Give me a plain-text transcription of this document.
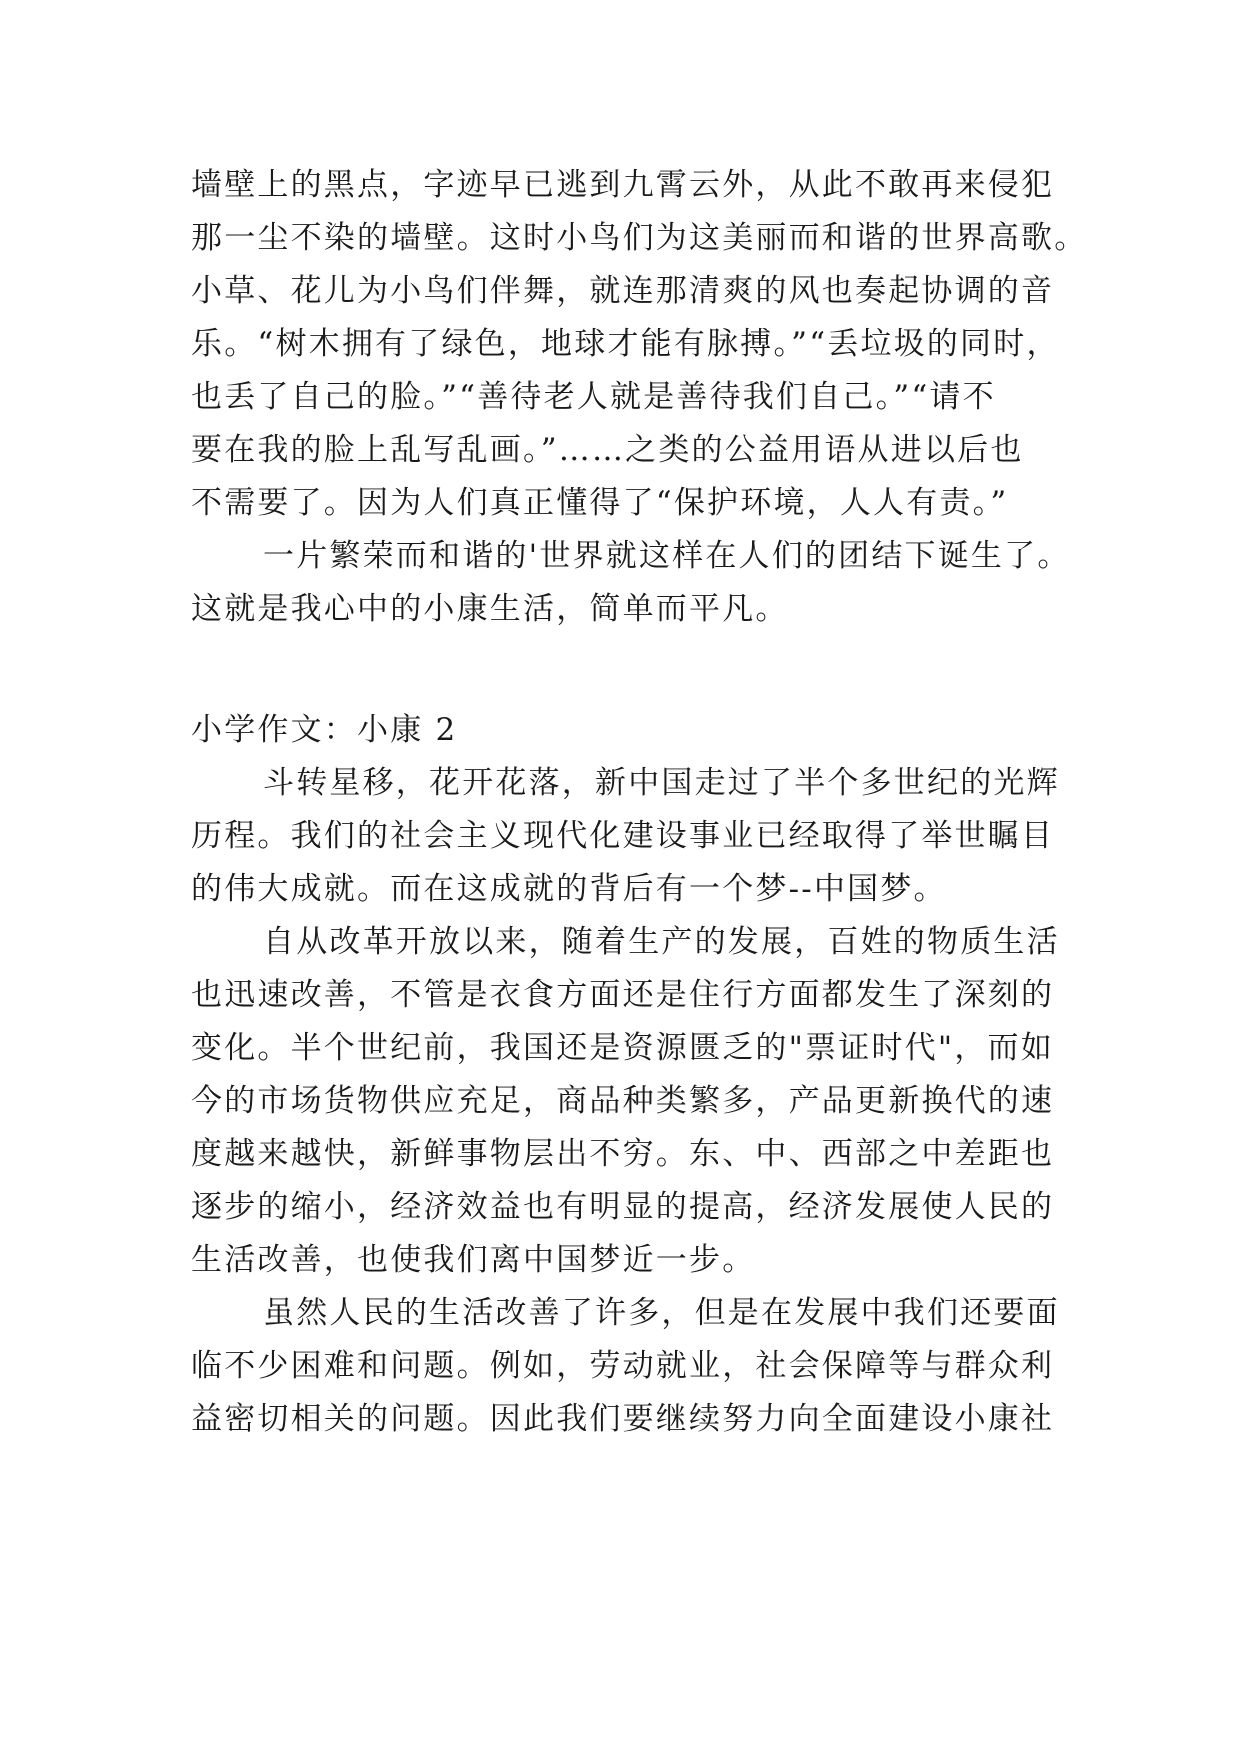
墙壁上的黑点，字迹早已逃到九霄云外，从此不敢再来侵犯
那一尘不染的墙壁。这时小鸟们为这美丽而和谐的世界高歌。
小草、花儿为小鸟们伴舞，就连那清爽的风也奏起协调的音
乐。“树木拥有了绿色，地球才能有脉搏。”“丢垃圾的同时，
也丢了自己的脸。”“善待老人就是善待我们自己。”“请不
要在我的脸上乱写乱画。”……之类的公益用语从进以后也
不需要了。因为人们真正懂得了“保护环境，人人有责。”
一片繁荣而和谐的'世界就这样在人们的团结下诞生了。
这就是我心中的小康生活，简单而平凡。
小学作文：小康 2
斗转星移，花开花落，新中国走过了半个多世纪的光辉
历程。我们的社会主义现代化建设事业已经取得了举世瞩目
的伟大成就。而在这成就的背后有一个梦--中国梦。
自从改革开放以来，随着生产的发展，百姓的物质生活
也迅速改善，不管是衣食方面还是住行方面都发生了深刻的
变化。半个世纪前，我国还是资源匮乏的"票证时代"，而如
今的市场货物供应充足，商品种类繁多，产品更新换代的速
度越来越快，新鲜事物层出不穷。东、中、西部之中差距也
逐步的缩小，经济效益也有明显的提高，经济发展使人民的
生活改善，也使我们离中国梦近一步。
虽然人民的生活改善了许多，但是在发展中我们还要面
临不少困难和问题。例如，劳动就业，社会保障等与群众利
益密切相关的问题。因此我们要继续努力向全面建设小康社
